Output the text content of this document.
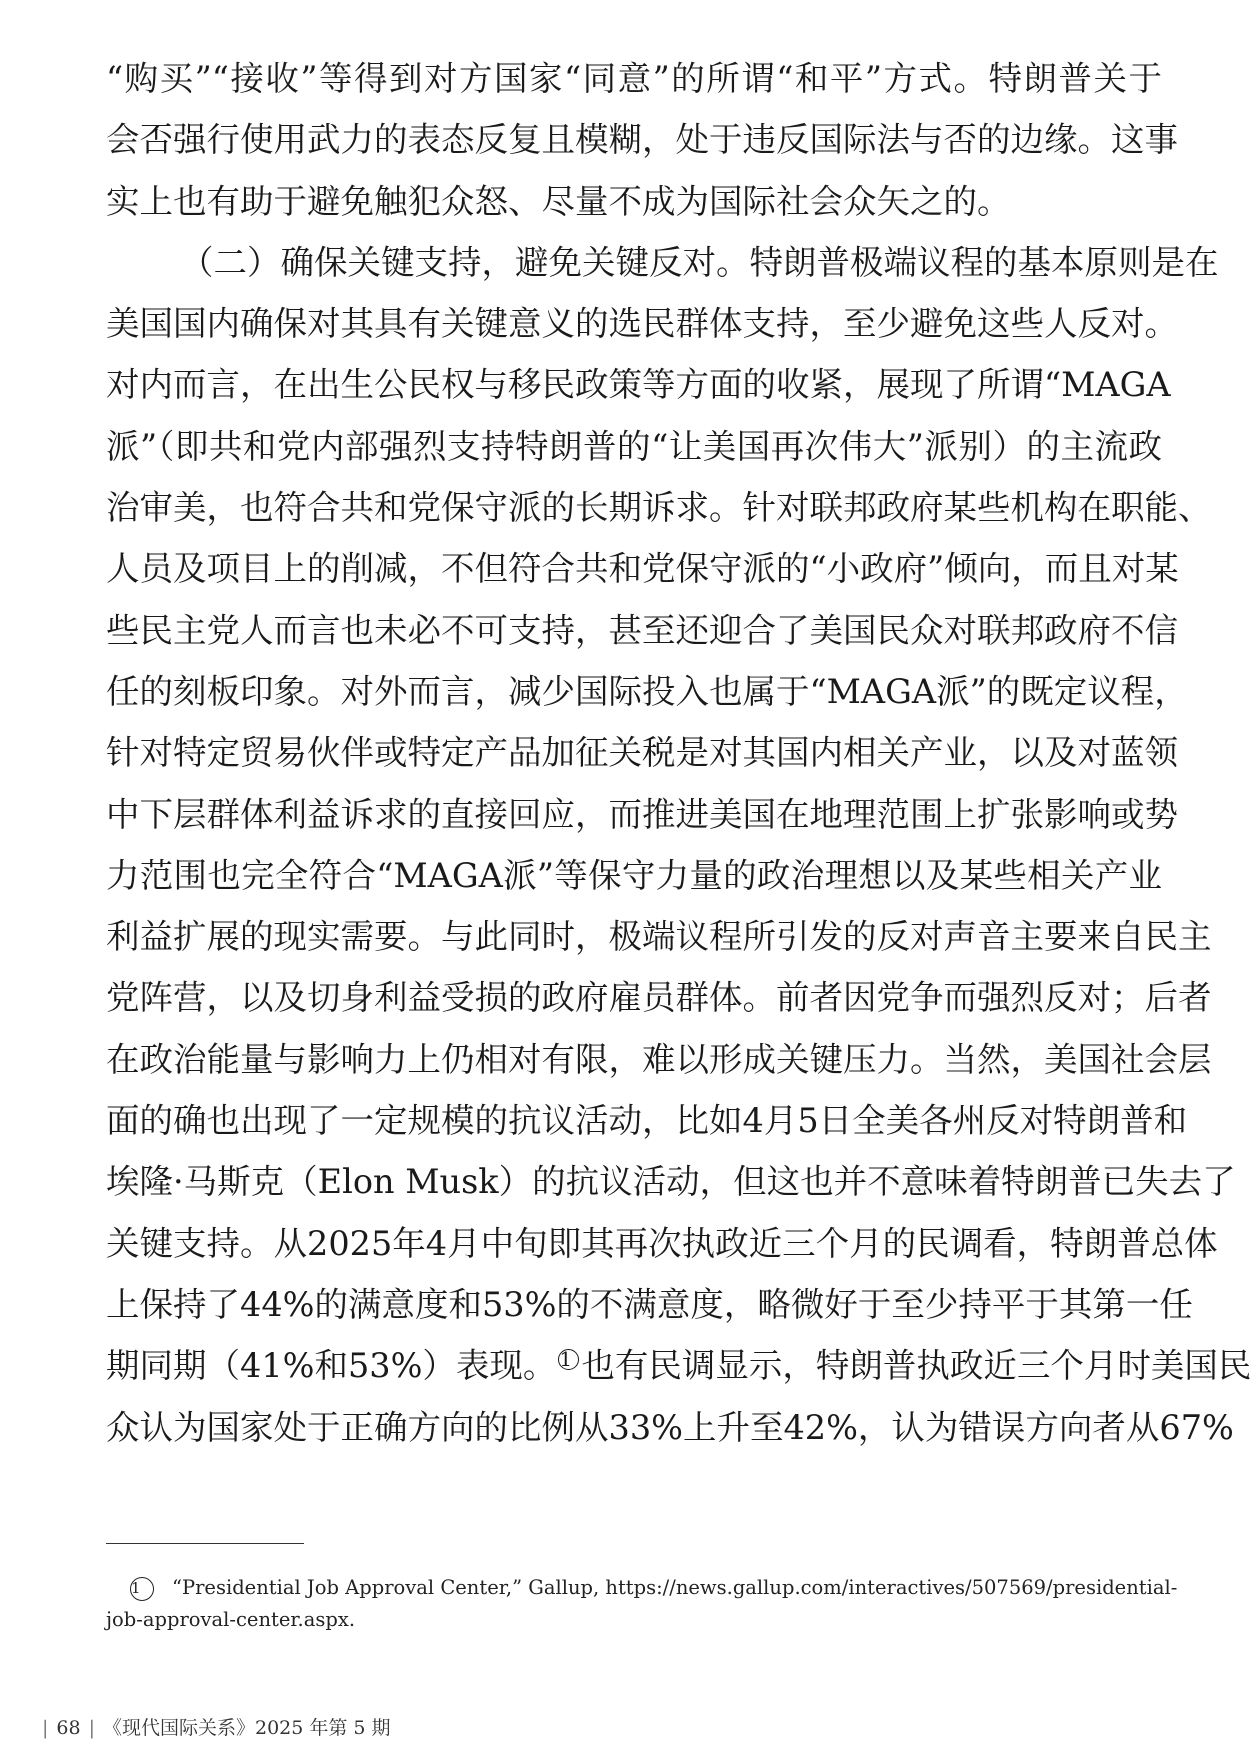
“购买”“接收”等得到对方国家“同意”的所谓“和平”方式。特朗普关于
会否强行使用武力的表态反复且模糊，处于违反国际法与否的边缘。这事
实上也有助于避免触犯众怒、尽量不成为国际社会众矢之的。
（二）确保关键支持，避免关键反对。特朗普极端议程的基本原则是在
美国国内确保对其具有关键意义的选民群体支持，至少避免这些人反对。
对内而言，在出生公民权与移民政策等方面的收紧，展现了所谓“MAGA
派”（即共和党内部强烈支持特朗普的“让美国再次伟大”派别）的主流政
治审美，也符合共和党保守派的长期诉求。针对联邦政府某些机构在职能、
人员及项目上的削减，不但符合共和党保守派的“小政府”倾向，而且对某
些民主党人而言也未必不可支持，甚至还迎合了美国民众对联邦政府不信
任的刻板印象。对外而言，减少国际投入也属于“MAGA派”的既定议程，
针对特定贸易伙伴或特定产品加征关税是对其国内相关产业，以及对蓝领
中下层群体利益诉求的直接回应，而推进美国在地理范围上扩张影响或势
力范围也完全符合“MAGA派”等保守力量的政治理想以及某些相关产业
利益扩展的现实需要。与此同时，极端议程所引发的反对声音主要来自民主
党阵营，以及切身利益受损的政府雇员群体。前者因党争而强烈反对；后者
在政治能量与影响力上仍相对有限，难以形成关键压力。当然，美国社会层
面的确也出现了一定规模的抗议活动，比如4月5日全美各州反对特朗普和
埃隆·马斯克（Elon Musk）的抗议活动，但这也并不意味着特朗普已失去了
关键支持。从2025年4月中旬即其再次执政近三个月的民调看，特朗普总体
上保持了44%的满意度和53%的不满意度，略微好于至少持平于其第一任
期同期（41%和53%）表现。 1 也有民调显示，特朗普执政近三个月时美国民
众认为国家处于正确方向的比例从33%上升至42%，认为错误方向者从67%
1 “Presidential Job Approval Center,” Gallup, https://news.gallup.com/interactives/507569/presidential-
job-approval-center.aspx.
| 68 | 《现代国际关系》2025 年第 5 期
